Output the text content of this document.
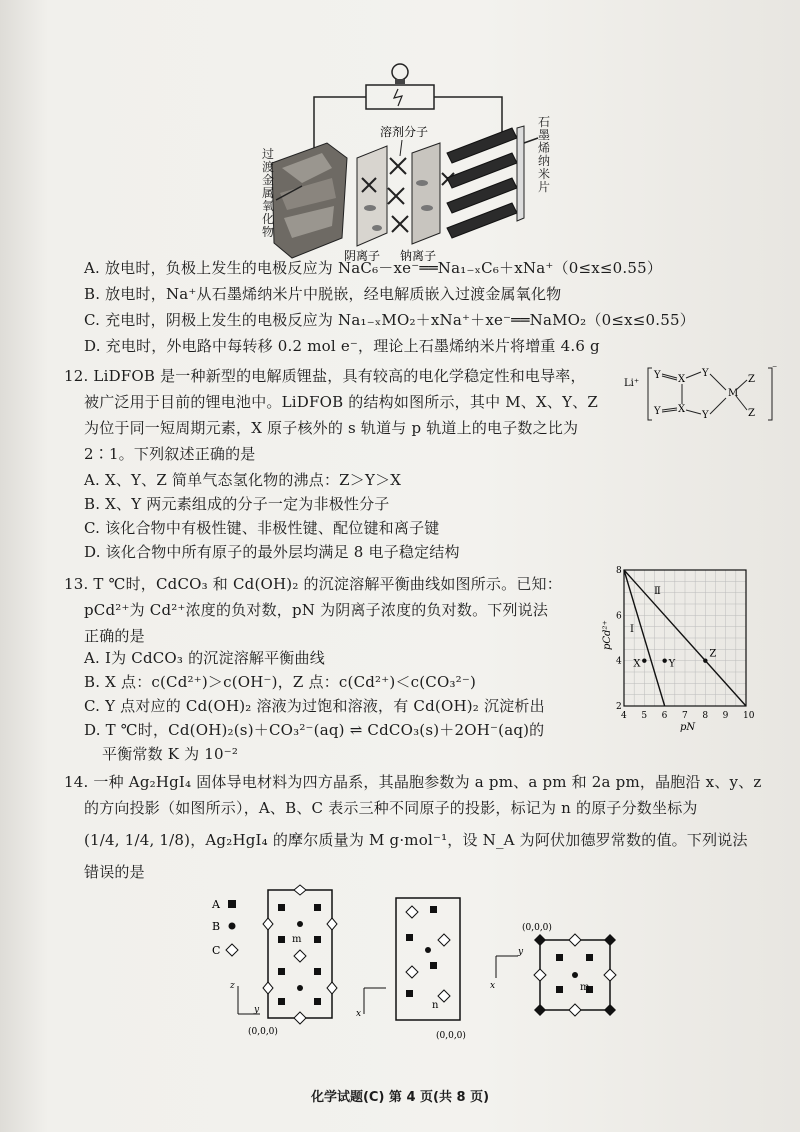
溶剂分子
阴离子 钠离子
过渡金属氧化物
石墨烯纳米片
A. 放电时，负极上发生的电极反应为 NaC₆－xe⁻══Na₁₋ₓC₆＋xNa⁺（0≤x≤0.55）
B. 放电时，Na⁺从石墨烯纳米片中脱嵌，经电解质嵌入过渡金属氧化物
C. 充电时，阴极上发生的电极反应为 Na₁₋ₓMO₂＋xNa⁺＋xe⁻══NaMO₂（0≤x≤0.55）
D. 充电时，外电路中每转移 0.2 mol e⁻，理论上石墨烯纳米片将增重 4.6 g
12. LiDFOB 是一种新型的电解质锂盐，具有较高的电化学稳定性和电导率，
被广泛用于目前的锂电池中。LiDFOB 的结构如图所示，其中 M、X、Y、Z
为位于同一短周期元素，X 原子核外的 s 轨道与 p 轨道上的电子数之比为
2∶1。下列叙述正确的是
A. X、Y、Z 简单气态氢化物的沸点：Z＞Y＞X
B. X、Y 两元素组成的分子一定为非极性分子
C. 该化合物中有极性键、非极性键、配位键和离子键
D. 该化合物中所有原子的最外层均满足 8 电子稳定结构
Li⁺
⁻
Y X
Y
M
Z
Y X
Y	Z
13. T ℃时，CdCO₃ 和 Cd(OH)₂ 的沉淀溶解平衡曲线如图所示。已知：
pCd²⁺为 Cd²⁺浓度的负对数，pN 为阴离子浓度的负对数。下列说法
正确的是
A. Ⅰ为 CdCO₃ 的沉淀溶解平衡曲线
B. X 点：c(Cd²⁺)＞c(OH⁻)，Z 点：c(Cd²⁺)＜c(CO₃²⁻)
C. Y 点对应的 Cd(OH)₂ 溶液为过饱和溶液，有 Cd(OH)₂ 沉淀析出
D. T ℃时，Cd(OH)₂(s)＋CO₃²⁻(aq) ⇌ CdCO₃(s)＋2OH⁻(aq)的
平衡常数 K 为 10⁻²
X	Y
Z
4 5 6 7 8 9 10
2
4
6
8
pN
pCd²⁺ Ⅰ
Ⅱ
14. 一种 Ag₂HgI₄ 固体导电材料为四方晶系，其晶胞参数为 a pm、a pm 和 2a pm，晶胞沿 x、y、z
的方向投影（如图所示），A、B、C 表示三种不同原子的投影，标记为 n 的原子分数坐标为
(1/4, 1/4, 1/8)，Ag₂HgI₄ 的摩尔质量为 M g·mol⁻¹，设 N_A 为阿伏加德罗常数的值。下列说法
错误的是
A
B
C
m
(0,0,0)
z
y	n
(0,0,0)
x
m
(0,0,0)
y
x
化学试题(C) 第 4 页(共 8 页)
